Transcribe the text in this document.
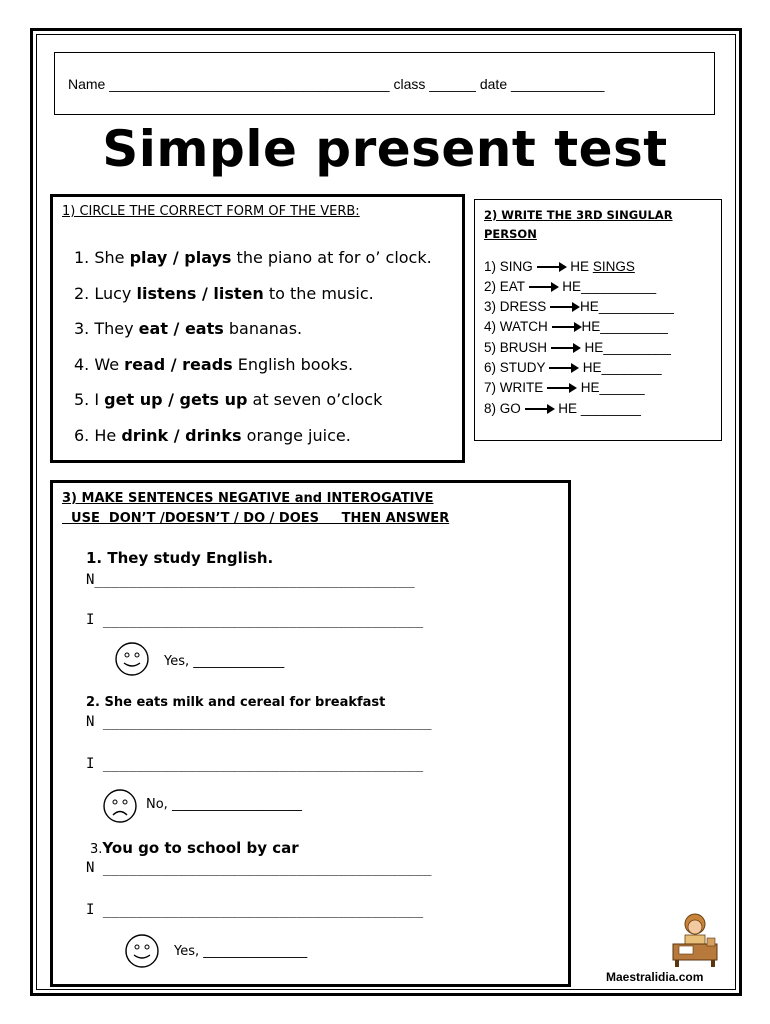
Name ____________________________________ class ______ date ____________
Simple present test
1) CIRCLE THE CORRECT FORM OF THE VERB:
1. She play / plays the piano at for o’ clock.
2. Lucy listens / listen to the music.
3. They eat / eats bananas.
4. We read / reads English books.
5. I get up / gets up at seven o’clock
6. He drink / drinks orange juice.
2) WRITE THE 3RD SINGULAR PERSON
1) SING	HE SINGS
2) EAT	HE__________
3) DRESS	HE__________
4) WATCH	HE_________
5) BRUSH	HE_________
6) STUDY	HE________
7) WRITE	HE______
8) GO	HE ________
3) MAKE SENTENCES NEGATIVE and INTEROGATIVE
USE  DON’T /DOESN’T / DO / DOES     THEN ANSWER
1. They study English.
N______________________________________
I ______________________________________
Yes, ______________
2. She eats milk and cereal for breakfast
N _______________________________________
I ______________________________________
No, ____________________
3.You go to school by car
N _______________________________________
I ______________________________________
Yes, ________________
Maestralidia.com
